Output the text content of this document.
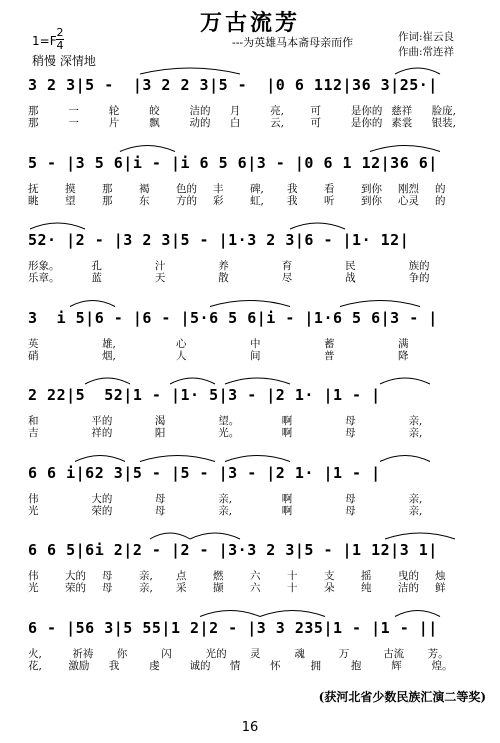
万古流芳
---为英雄马本斋母亲而作
1=F
2
4
稍慢 深情地
作词:崔云良
作曲:常连祥
3 2 3|5 -  |3 2 2 3|5 -  |0 6 112|36 3|25·|
那	一	轮	皎	洁的 月	亮,	可	是你的 慈祥 脸庞,
那	一	片	飘	动的 白	云,	可	是你的 素裳 银装,
5 - |3 5 6|i - |i 6 5 6|3 - |0 6 1 12|36 6|
抚	摸	那	褐	色的 丰	碑, 我	看	到你 刚烈 的
眺	望	那	东	方的 彩	虹, 我	听	到你 心灵 的
52· |2 - |3 2 3|5 - |1·3 2 3|6 - |1· 12|
形象。	孔	汁	养	育	民	族的
乐章。	蓝	天	散	尽	战	争的
3  i 5|6 - |6 - |5·6 5 6|i - |1·6 5 6|3 - |
英	雄,	心	中	蓄	满
硝	烟,	人	间	普	降
2 22|5  52|1 - |1· 5|3 - |2 1· |1 - |
和	平的	渴	望。	啊	母	亲,
吉	祥的	阳	光。	啊	母	亲,
6 6 i|62 3|5 - |5 - |3 - |2 1· |1 - |
伟	大的	母	亲,	啊	母	亲,
光	荣的	母	亲,	啊	母	亲,
6 6 5|6i 2|2 - |2 - |3·3 2 3|5 - |1 12|3 1|
伟	大的 母	亲, 点	燃	六	十	支	摇	曳的 烛
光	荣的 母	亲, 采	撷	六	十	朵	纯	洁的 鲜
6 - |56 3|5 55|1 2|2 - |3 3 235|1 - |1 - ||
火,	祈祷 你	闪	光的 灵	魂	万	古流 芳。
花,	激励 我	虔	诚的 情	怀	拥	抱	辉	煌。
(获河北省少数民族汇演二等奖)
16
